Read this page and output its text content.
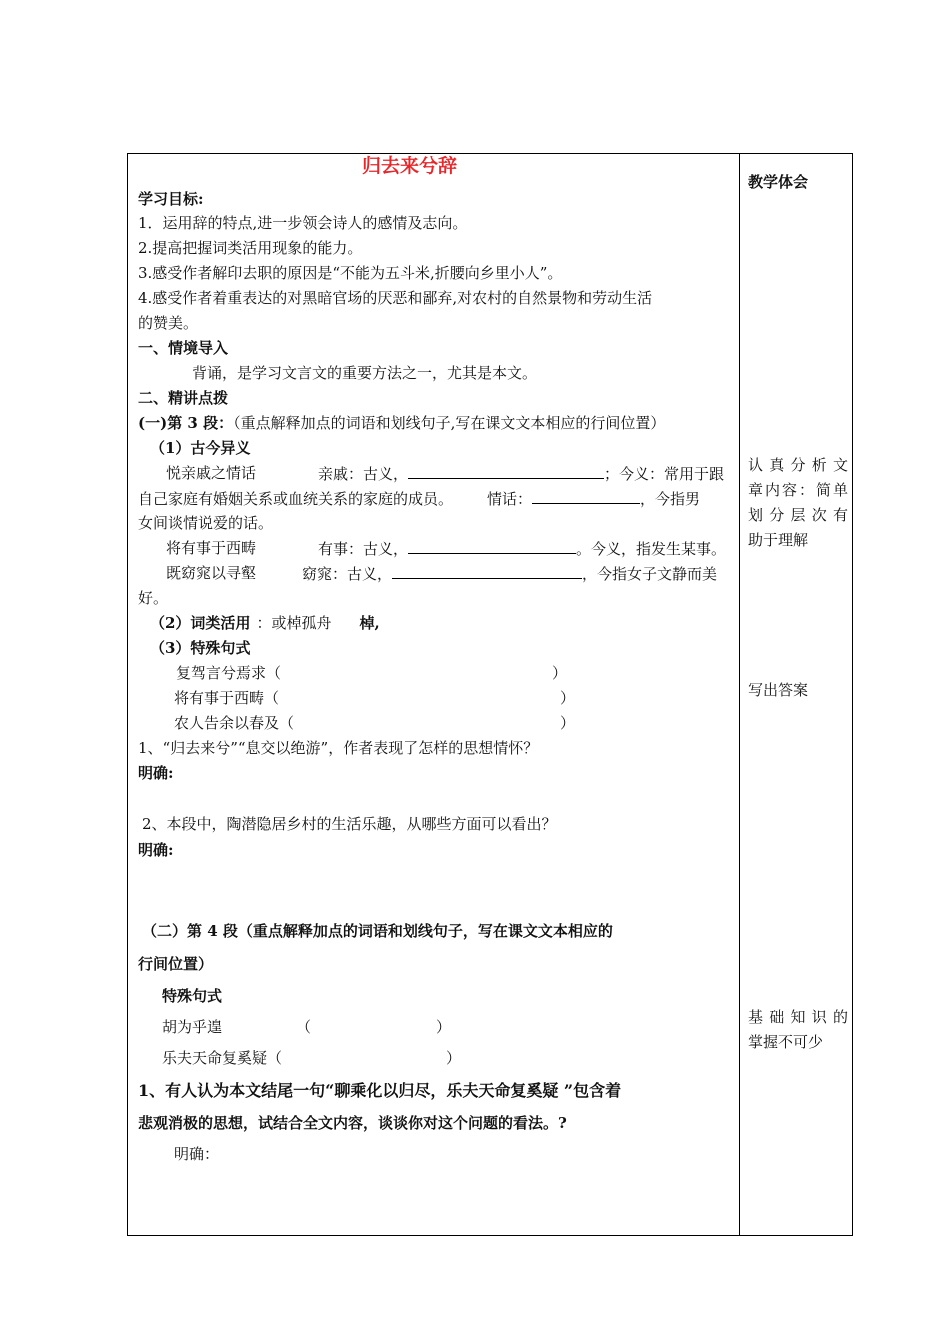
归去来兮辞
学习目标:
1．运用辞的特点,进一步领会诗人的感情及志向。
2.提高把握词类活用现象的能力。
3.感受作者解印去职的原因是“不能为五斗米,折腰向乡里小人”。
4.感受作者着重表达的对黑暗官场的厌恶和鄙弃,对农村的自然景物和劳动生活
的赞美。
一、情境导入
背诵，是学习文言文的重要方法之一，尤其是本文。
二、精讲点拨
(一)第 3 段：（重点解释加点的词语和划线句子,写在课文文本相应的行间位置）
（1）古今异义
悦亲戚之情话	亲戚：古义，	；今义：常用于跟
自己家庭有婚姻关系或血统关系的家庭的成员。 情话：	，今指男
女间谈情说爱的话。
将有事于西畴	有事：古义，	。今义，指发生某事。
既窈窕以寻壑	窈窕：古义，	，今指女子文静而美
好。
（2）词类活用 ：或棹孤舟 棹,
（3）特殊句式
复驾言兮焉求（	）
将有事于西畴（	）
农人告余以春及（	）
1、“归去来兮”“息交以绝游”，作者表现了怎样的思想情怀？
明确:
2、本段中，陶潜隐居乡村的生活乐趣，从哪些方面可以看出？
明确:
（二）第 4 段（重点解释加点的词语和划线句子，写在课文文本相应的
行间位置）
特殊句式
胡为乎遑	（	）
乐夫天命复奚疑（	）
1、有人认为本文结尾一句“聊乘化以归尽，乐夫天命复奚疑 ”包含着
悲观消极的思想，试结合全文内容，谈谈你对这个问题的看法。?
明确：
教学体会
认真分析文
章内容：简单
划分层次有
助于理解
写出答案
基础知识的
掌握不可少
